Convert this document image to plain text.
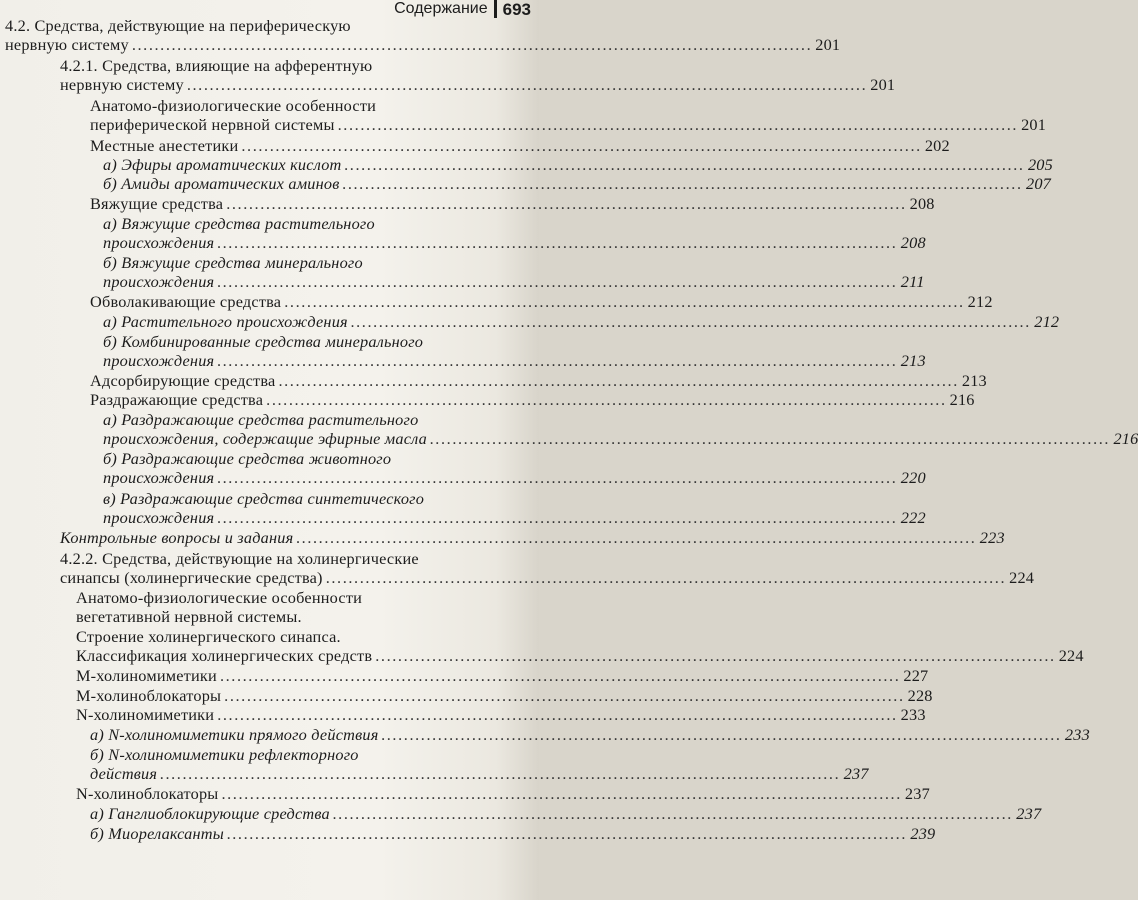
Содержание 693
4.2. Средства, действующие на периферическую
нервную систему ........................................................................................................................ 201
4.2.1. Средства, влияющие на афферентную
нервную систему ........................................................................................................................ 201
Анатомо-физиологические особенности
периферической нервной системы ........................................................................................................................ 201
Местные анестетики ........................................................................................................................ 202
а) Эфиры ароматических кислот ........................................................................................................................ 205
б) Амиды ароматических аминов ........................................................................................................................ 207
Вяжущие средства ........................................................................................................................ 208
а) Вяжущие средства растительного
происхождения ........................................................................................................................ 208
б) Вяжущие средства минерального
происхождения ........................................................................................................................ 211
Обволакивающие средства ........................................................................................................................ 212
а) Растительного происхождения ........................................................................................................................ 212
б) Комбинированные средства минерального
происхождения ........................................................................................................................ 213
Адсорбирующие средства ........................................................................................................................ 213
Раздражающие средства ........................................................................................................................ 216
а) Раздражающие средства растительного
происхождения, содержащие эфирные масла ........................................................................................................................ 216
б) Раздражающие средства животного
происхождения ........................................................................................................................ 220
в) Раздражающие средства синтетического
происхождения ........................................................................................................................ 222
Контрольные вопросы и задания ........................................................................................................................ 223
4.2.2. Средства, действующие на холинергические
синапсы (холинергические средства) ........................................................................................................................ 224
Анатомо-физиологические особенности
вегетативной нервной системы.
Строение холинергического синапса.
Классификация холинергических средств ........................................................................................................................ 224
М-холиномиметики ........................................................................................................................ 227
М-холиноблокаторы ........................................................................................................................ 228
N-холиномиметики ........................................................................................................................ 233
а) N-холиномиметики прямого действия ........................................................................................................................ 233
б) N-холиномиметики рефлекторного
действия ........................................................................................................................ 237
N-холиноблокаторы ........................................................................................................................ 237
а) Ганглиоблокирующие средства ........................................................................................................................ 237
б) Миорелаксанты ........................................................................................................................ 239
